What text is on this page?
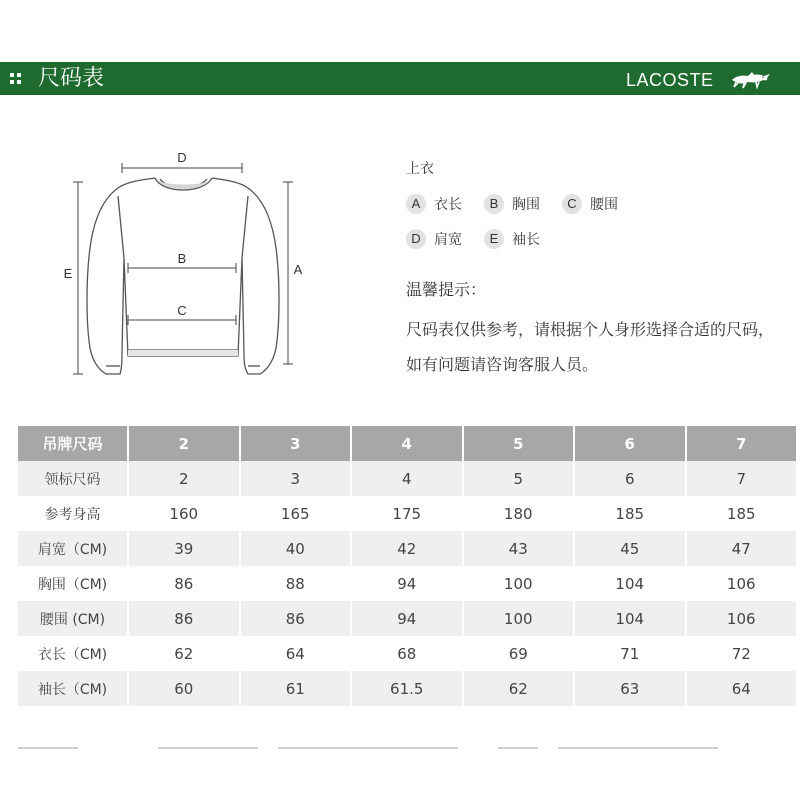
尺码表	LACOSTE
D
B
C
E	A
上衣
A 衣长	B 胸围	C 腰围
D 肩宽	E 袖长
温馨提示：
尺码表仅供参考，请根据个人身形选择合适的尺码，如有问题请咨询客服人员。
吊牌尺码	2	3	4	5	6	7
领标尺码	2	3	4	5	6	7
参考身高	160	165	175	180	185	185
肩宽（CM)	39	40	42	43	45	47
胸围（CM)	86	88	94	100	104	106
腰围 (CM)	86	86	94	100	104	106
衣长（CM)	62	64	68	69	71	72
袖长（CM)	60	61	61.5	62	63	64
